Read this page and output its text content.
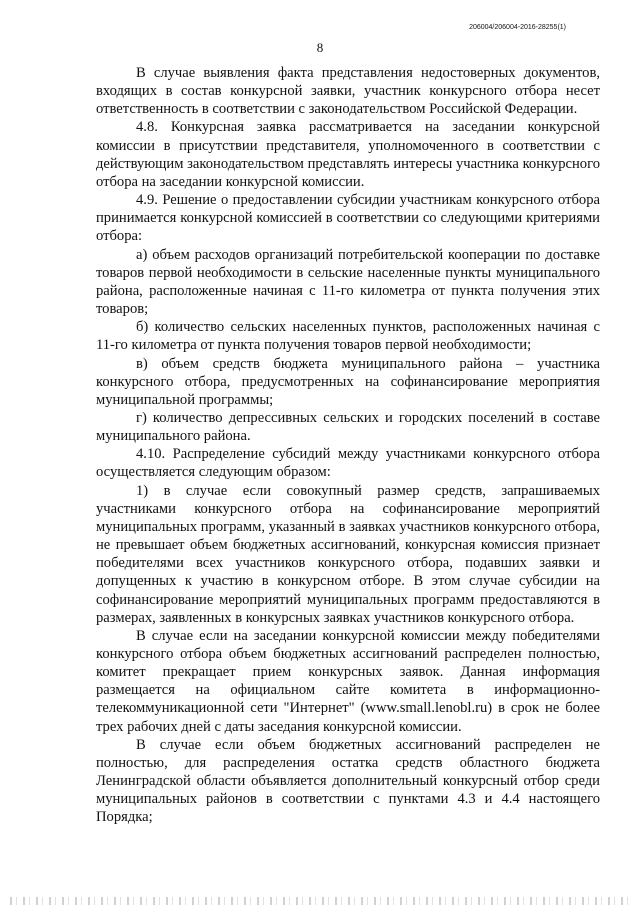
206004/206004-2016-28255(1)
8

В случае выявления факта представления недостоверных документов, входящих в состав конкурсной заявки, участник конкурсного отбора несет ответственность в соответствии с законодательством Российской Федерации.

4.8. Конкурсная заявка рассматривается на заседании конкурсной комиссии в присутствии представителя, уполномоченного в соответствии с действующим законодательством представлять интересы участника конкурсного отбора на заседании конкурсной комиссии.

4.9. Решение о предоставлении субсидии участникам конкурсного отбора принимается конкурсной комиссией в соответствии со следующими критериями отбора:

а) объем расходов организаций потребительской кооперации по доставке товаров первой необходимости в сельские населенные пункты муниципального района, расположенные начиная с 11-го километра от пункта получения этих товаров;

б) количество сельских населенных пунктов, расположенных начиная с 11-го километра от пункта получения товаров первой необходимости;

в) объем средств бюджета муниципального района – участника конкурсного отбора, предусмотренных на софинансирование мероприятия муниципальной программы;

г) количество депрессивных сельских и городских поселений в составе муниципального района.

4.10. Распределение субсидий между участниками конкурсного отбора осуществляется следующим образом:

1) в случае если совокупный размер средств, запрашиваемых участниками конкурсного отбора на софинансирование мероприятий муниципальных программ, указанный в заявках участников конкурсного отбора, не превышает объем бюджетных ассигнований, конкурсная комиссия признает победителями всех участников конкурсного отбора, подавших заявки и допущенных к участию в конкурсном отборе. В этом случае субсидии на софинансирование мероприятий муниципальных программ предоставляются в размерах, заявленных в конкурсных заявках участников конкурсного отбора.

В случае если на заседании конкурсной комиссии между победителями конкурсного отбора объем бюджетных ассигнований распределен полностью, комитет прекращает прием конкурсных заявок. Данная информация размещается на официальном сайте комитета в информационно-телекоммуникационной сети "Интернет" (www.small.lenobl.ru) в срок не более трех рабочих дней с даты заседания конкурсной комиссии.

В случае если объем бюджетных ассигнований распределен не полностью, для распределения остатка средств областного бюджета Ленинградской области объявляется дополнительный конкурсный отбор среди муниципальных районов в соответствии с пунктами 4.3 и 4.4 настоящего Порядка;
